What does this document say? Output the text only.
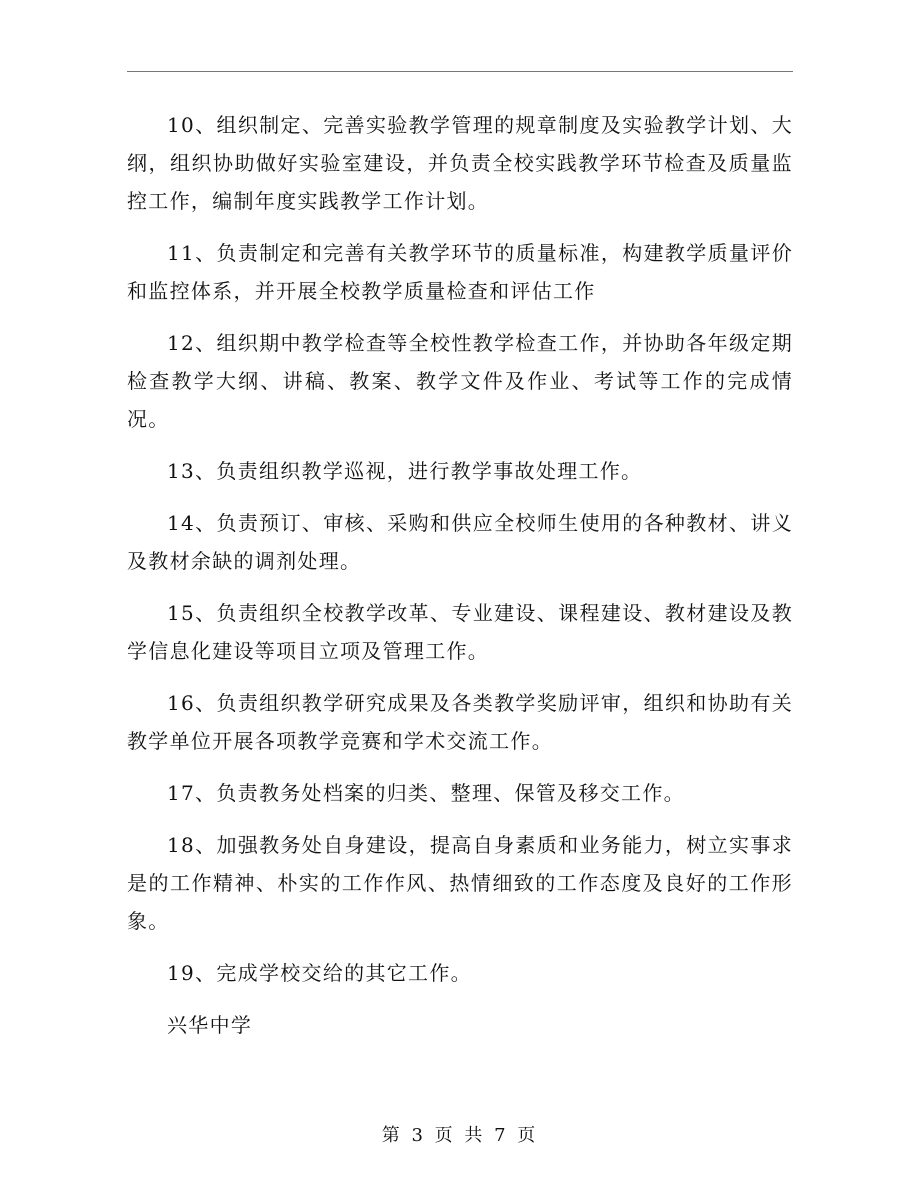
10、组织制定、完善实验教学管理的规章制度及实验教学计划、大纲，组织协助做好实验室建设，并负责全校实践教学环节检查及质量监控工作，编制年度实践教学工作计划。

11、负责制定和完善有关教学环节的质量标准，构建教学质量评价和监控体系，并开展全校教学质量检查和评估工作

12、组织期中教学检查等全校性教学检查工作，并协助各年级定期检查教学大纲、讲稿、教案、教学文件及作业、考试等工作的完成情况。

13、负责组织教学巡视，进行教学事故处理工作。

14、负责预订、审核、采购和供应全校师生使用的各种教材、讲义及教材余缺的调剂处理。

15、负责组织全校教学改革、专业建设、课程建设、教材建设及教学信息化建设等项目立项及管理工作。

16、负责组织教学研究成果及各类教学奖励评审，组织和协助有关教学单位开展各项教学竞赛和学术交流工作。

17、负责教务处档案的归类、整理、保管及移交工作。

18、加强教务处自身建设，提高自身素质和业务能力，树立实事求是的工作精神、朴实的工作作风、热情细致的工作态度及良好的工作形象。

19、完成学校交给的其它工作。

兴华中学

第 3 页 共 7 页
